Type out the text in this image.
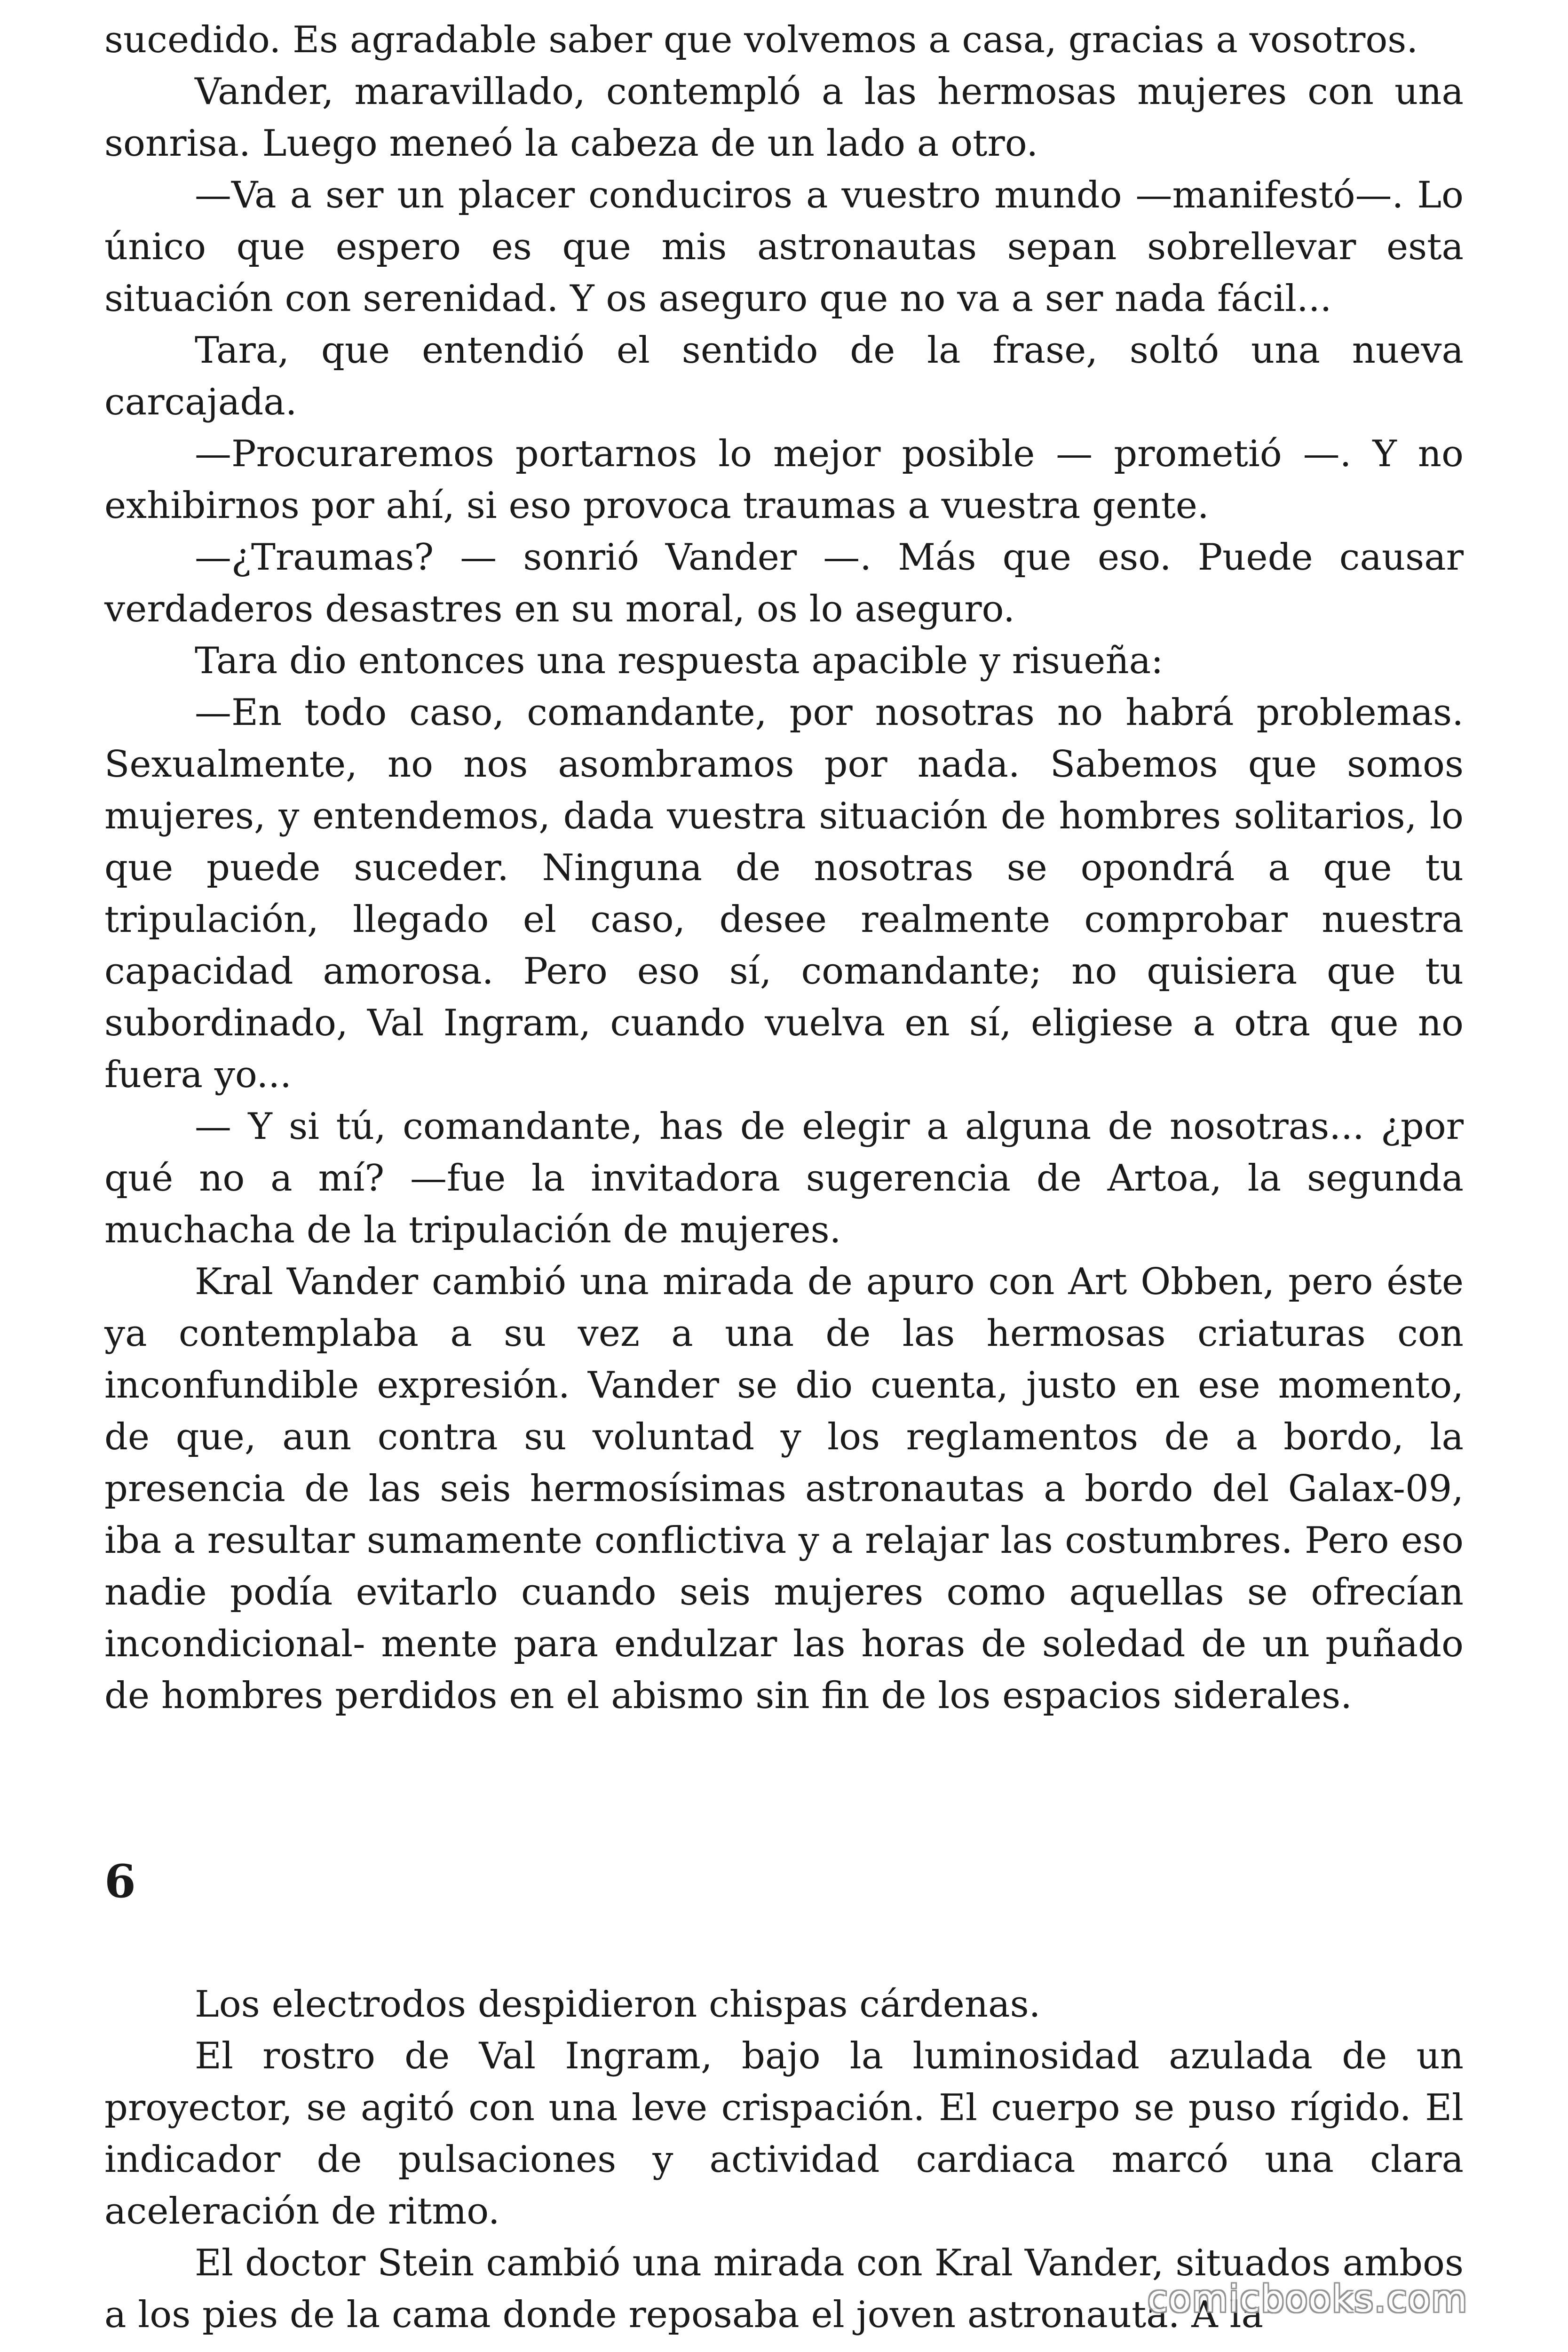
sucedido. Es agradable saber que volvemos a casa, gracias a vosotros.

Vander, maravillado, contempló a las hermosas mujeres con una sonrisa. Luego meneó la cabeza de un lado a otro.

—Va a ser un placer conduciros a vuestro mundo —manifestó—. Lo único que espero es que mis astronautas sepan sobrellevar esta situación con serenidad. Y os aseguro que no va a ser nada fácil...

Tara, que entendió el sentido de la frase, soltó una nueva carcajada.

—Procuraremos portarnos lo mejor posible — prometió —. Y no exhibirnos por ahí, si eso provoca traumas a vuestra gente.

—¿Traumas? — sonrió Vander —. Más que eso. Puede causar verdaderos desastres en su moral, os lo aseguro.

Tara dio entonces una respuesta apacible y risueña:

—En todo caso, comandante, por nosotras no habrá problemas. Sexualmente, no nos asombramos por nada. Sabemos que somos mujeres, y entendemos, dada vuestra situación de hombres solitarios, lo que puede suceder. Ninguna de nosotras se opondrá a que tu tripulación, llegado el caso, desee realmente comprobar nuestra capacidad amorosa. Pero eso sí, comandante; no quisiera que tu subordinado, Val Ingram, cuando vuelva en sí, eligiese a otra que no fuera yo...

— Y si tú, comandante, has de elegir a alguna de nosotras... ¿por qué no a mí? —fue la invitadora sugerencia de Artoa, la segunda muchacha de la tripulación de mujeres.

Kral Vander cambió una mirada de apuro con Art Obben, pero éste ya contemplaba a su vez a una de las hermosas criaturas con inconfundible expresión. Vander se dio cuenta, justo en ese momento, de que, aun contra su voluntad y los reglamentos de a bordo, la presencia de las seis hermosísimas astronautas a bordo del Galax-09, iba a resultar sumamente conflictiva y a relajar las costumbres. Pero eso nadie podía evitarlo cuando seis mujeres como aquellas se ofrecían incondicional- mente para endulzar las horas de soledad de un puñado de hombres perdidos en el abismo sin fin de los espacios siderales.

6

Los electrodos despidieron chispas cárdenas.

El rostro de Val Ingram, bajo la luminosidad azulada de un proyector, se agitó con una leve crispación. El cuerpo se puso rígido. El indicador de pulsaciones y actividad cardiaca marcó una clara aceleración de ritmo.

El doctor Stein cambió una mirada con Kral Vander, situados ambos a los pies de la cama donde reposaba el joven astronauta. A la

comicbooks.com
